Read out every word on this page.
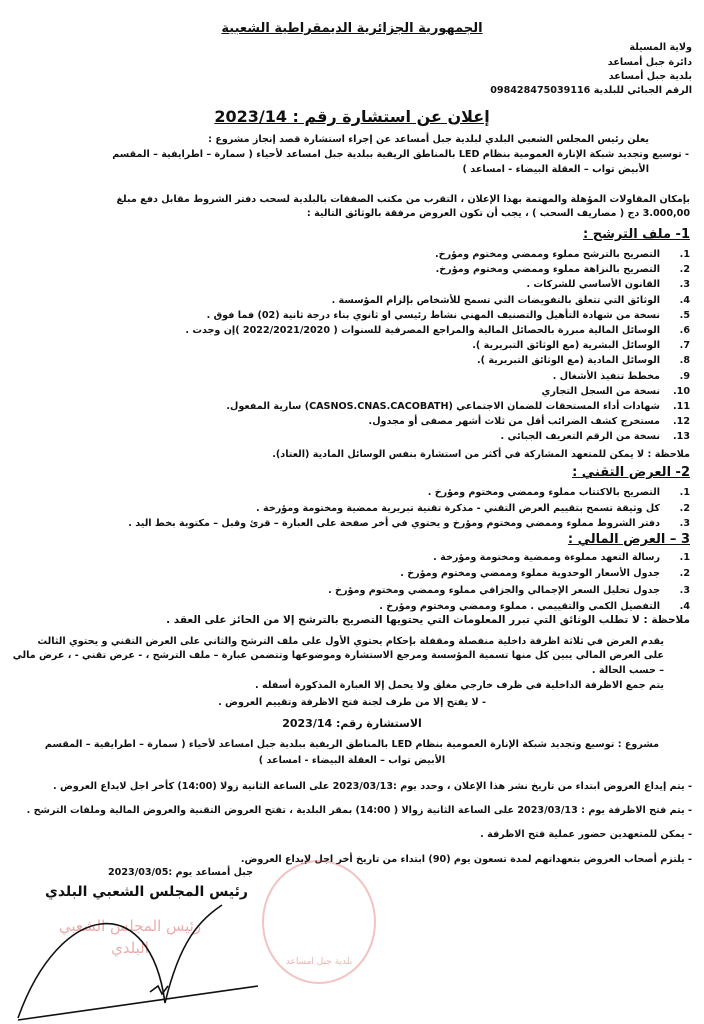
الجمهورية الجزائرية الديمقراطية الشعبية
ولاية المسيلة
دائرة جبل أمساعد
بلدية جبل أمساعد
الرقم الجبائي للبلدية 098428475039116
إعلان عن استشارة رقم : 2023/14
يعلن رئيس المجلس الشعبي البلدي لبلدية جبل أمساعد عن إجراء استشارة قصد إنجاز مشروع :
- توسيع وتجديد شبكة الإنارة العمومية بنظام LED بالمناطق الريفية ببلدية جبل امساعد لأحياء ( سمارة – اطرايفية – المقسم
الأبيض تواب – العقلة البيضاء - امساعد )
بإمكان المقاولات المؤهلة والمهتمة بهذا الإعلان ، التقرب من مكتب الصفقات بالبلدية لسحب دفتر الشروط مقابل دفع مبلغ
3.000,00 دج ( مصاريف السحب ) ، يجب أن تكون العروض مرفقة بالوثائق التالية :
1- ملف الترشح :
1.التصريح بالترشح مملوء وممضي ومختوم ومؤرخ.
2.التصريح بالنزاهة مملوء وممضي ومختوم ومؤرخ.
3.القانون الأساسي للشركات .
4.الوثائق التي تتعلق بالتفويضات التي تسمح للأشخاص بإلزام المؤسسة .
5.نسخة من شهادة التأهيل والتصنيف المهني نشاط رئيسي او ثانوي بناء درجة ثانية (02) فما فوق .
6.الوسائل المالية مبررة بالحصائل المالية والمراجع المصرفية للسنوات ( 2022/2021/2020 )إن وجدت .
7.الوسائل البشرية (مع الوثائق التبريرية ).
8.الوسائل المادية (مع الوثائق التبريرية ).
9.مخطط تنفيذ الأشغال .
10.نسخة من السجل التجاري
11.شهادات أداء المستحقات للضمان الاجتماعي (CASNOS.CNAS.CACOBATH) سارية المفعول.
12.مستخرج كشف الضرائب أقل من ثلاث أشهر مصفى أو مجدول.
13.نسخة من الرقم التعريف الجبائي .
ملاحظة : لا يمكن للمتعهد المشاركة في أكثر من استشارة بنفس الوسائل المادية (العتاد).
2- العرض التقني :
1.التصريح بالاكتتاب مملوء وممضي ومختوم ومؤرخ .
2.كل وثيقة تسمح بتقييم العرض التقني - مذكرة تقنية تبريرية ممضية ومختومة ومؤرخة .
3.دفتر الشروط مملوء وممضي ومختوم ومؤرخ و يحتوي في أخر صفحة على العبارة – قرئ وقبل – مكتوبة بخط اليد .
3 – العرض المالي :
1.رسالة التعهد مملوءة وممضية ومختومة ومؤرخة .
2.جدول الأسعار الوحدوية مملوء وممضي ومختوم ومؤرخ .
3.جدول تحليل السعر الإجمالي والجزافي مملوء وممضي ومختوم ومؤرخ .
4.التفصيل الكمي والتقييمي . مملوء وممضي ومختوم ومؤرخ .
ملاحظة : لا تطلب الوثائق التي تبرر المعلومات التي يحتويها التصريح بالترشح إلا من الحائز على العقد .
يقدم العرض في ثلاثة اظرفة داخلية منفصلة ومقفلة بإحكام يحتوي الأول على ملف الترشح والثاني على العرض التقني و يحتوي الثالث
على العرض المالي يبين كل منها تسمية المؤسسة ومرجع الاستشارة وموضوعها وتتضمن عبارة – ملف الترشح ، - عرض تقني - ، عرض مالي
– حسب الحالة .
يتم جمع الاظرفة الداخلية في ظرف خارجي مغلق ولا يحمل إلا العبارة المذكورة أسفله .
- لا يفتح إلا من طرف لجنة فتح الاظرفة وتقييم العروض .
الاستشارة رقم: 2023/14
مشروع : توسيع وتجديد شبكة الإنارة العمومية بنظام LED بالمناطق الريفية ببلدية جبل امساعد لأحياء ( سمارة – اطرايفية – المقسم
الأبيض تواب – العقلة البيضاء - امساعد )
- يتم إيداع العروض ابتداء من تاريخ نشر هذا الإعلان ، وحدد يوم :2023/03/13 على الساعة الثانية زولا (14:00) كأخر اجل لايداع العروض .
- يتم فتح الاظرفة يوم : 2023/03/13 على الساعة الثانية زوالا ( 14:00) بمقر البلدية ، تفتح العروض التقنية والعروض المالية وملفات الترشح .
- يمكن للمتعهدين حضور عملية فتح الاظرفة .
- يلتزم أصحاب العروض بتعهداتهم لمدة تسعون يوم (90) ابتداء من تاريخ أخر اجل لإيداع العروض.
جبل أمساعد يوم :2023/03/05
رئيس المجلس الشعبي البلدي
رئيس المجلس الشعبي البلدي
بلدية جبل امساعد
